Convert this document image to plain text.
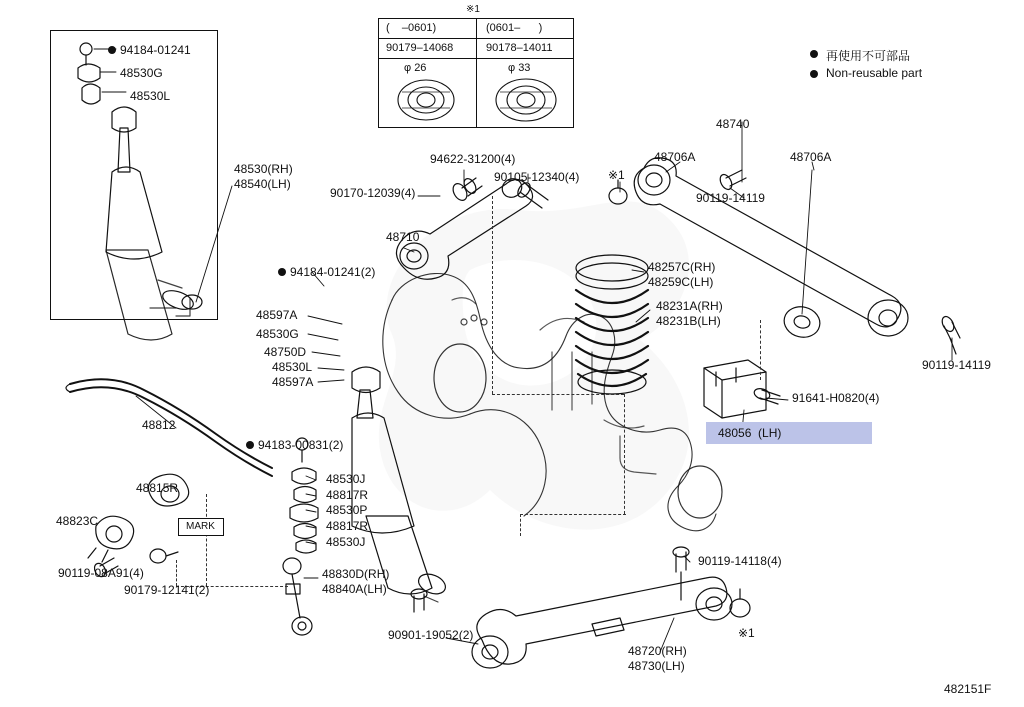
※1
(    –0601)	(0601–      )
90179–14068	90178–14011
φ 26	φ 33
MARK
再使用不可部品
Non-reusable part
94184-01241
48530G
48530L
48530(RH)
48540(LH)
94622-31200(4)
90170-12039(4)
90105-12340(4)
48710
94184-01241(2)
48597A
48530G
48750D
48530L
48597A
48812
48815R
48823C
90119-08A91(4)
90179-12141(2)
94183-00831(2)
48530J
48817R
48530P
48817R
48530J
48830D(RH)
48840A(LH)
90901-19052(2)
48720(RH)
48730(LH)
90119-14118(4)
※1
48740
48706A	48706A
90119-14119
※1
90119-14119
48257C(RH)
48259C(LH)
48231A(RH)
48231B(LH)
91641-H0820(4)
48056  (LH)
482151F
